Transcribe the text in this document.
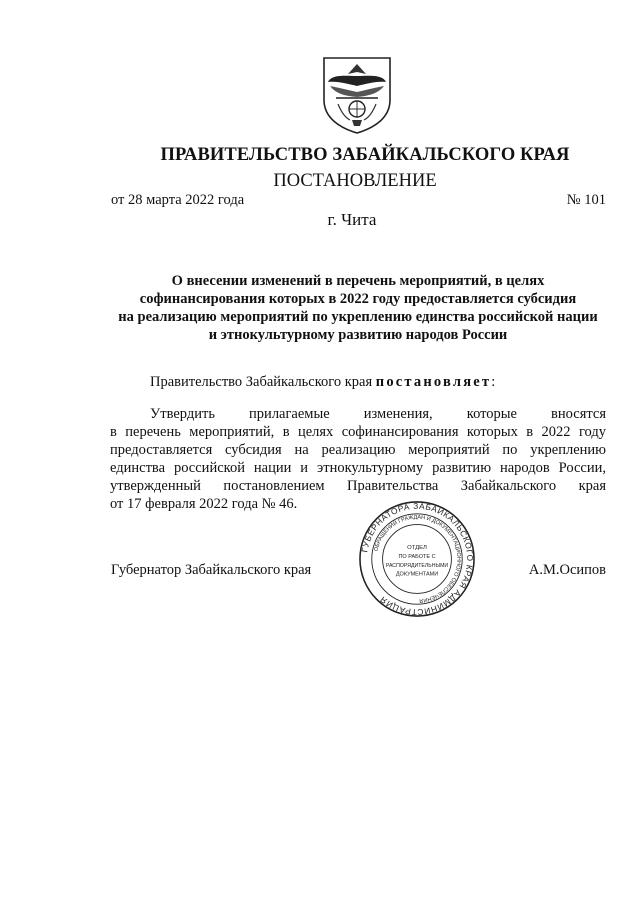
ПРАВИТЕЛЬСТВО ЗАБАЙКАЛЬСКОГО КРАЯ
ПОСТАНОВЛЕНИЕ
от 28 марта 2022 года	№ 101
г. Чита
О внесении изменений в перечень мероприятий, в целях
софинансирования которых в 2022 году предоставляется субсидия
на реализацию мероприятий по укреплению единства российской нации
и этнокультурному развитию народов России
Правительство Забайкальского края постановляет:
Утвердить прилагаемые изменения, которые вносятся
в перечень мероприятий, в целях софинансирования которых в 2022 году
предоставляется субсидия на реализацию мероприятий по укреплению
единства российской нации и этнокультурному развитию народов России,
утвержденный постановлением Правительства Забайкальского края
от 17 февраля 2022 года № 46.
Губернатор Забайкальского края	А.М.Осипов
ГУБЕРНАТОРА ЗАБАЙКАЛЬСКОГО КРАЯ АДМИНИСТРАЦИЯ
ОБРАЩЕНИЙ ГРАЖДАН И ДОКУМЕНТАЦИОННОГО ОБЕСПЕЧЕНИЯ
ОТДЕЛ
ПО РАБОТЕ С
РАСПОРЯДИТЕЛЬНЫМИ
ДОКУМЕНТАМИ
